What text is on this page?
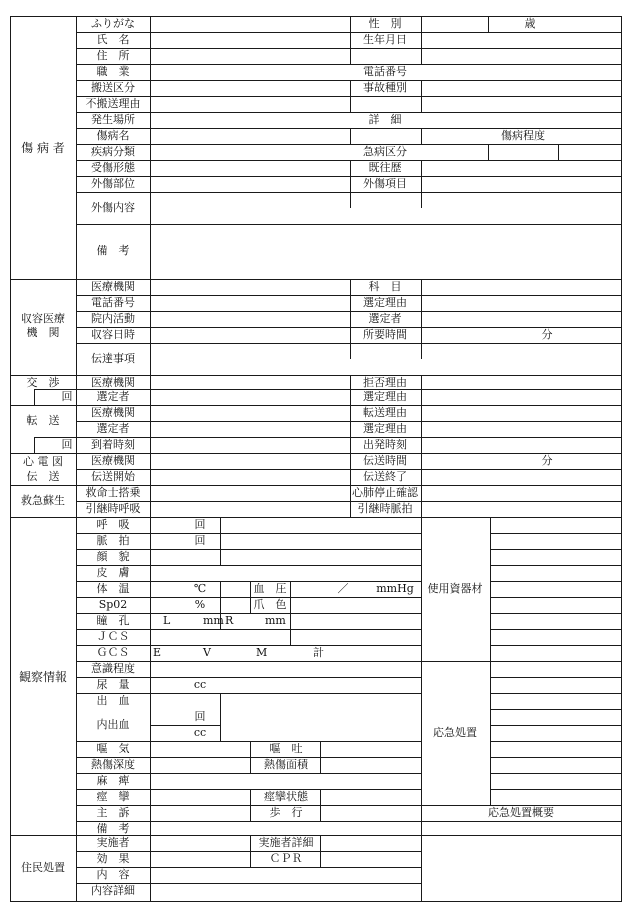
傷 病 者
ふりがな
氏　名
性　別	歳
生年月日
住　所
職　業	電話番号
搬送区分	事故種別
不搬送理由
発生場所	詳　細
傷病名	傷病程度
疾病分類	急病区分
受傷形態	既往歴
外傷部位	外傷項目
外傷内容
備　考
収容医療
機　関
医療機関	科　目
電話番号	選定理由
院内活動	選定者
収容日時	所要時間	分
伝達事項
交　渉
回
医療機関	拒否理由
選定者	選定理由
転　送
回
医療機関	転送理由
選定者	選定理由
到着時刻	出発時刻
心 電 図
伝　送
医療機関	伝送時間	分
伝送開始	伝送終了
救急蘇生
救命士搭乗	心肺停止確認
引継時呼吸	引継時脈拍
観察情報
呼　吸	回
脈　拍	回
顔　貌
皮　膚
体　温	℃	血　圧	／	mmHg
Sp02	%	爪　色
瞳　孔	L	mm R	mm
ＪＣＳ
ＧＣＳ E	V	M	計
意識程度
尿　量	cc
出　血
内出血
回
cc
嘔　気	嘔　吐
熱傷深度	熱傷面積
麻　痺
痙　攣	痙攣状態
主　訴	歩　行
備　考
使用資器材
応急処置
応急処置概要
住民処置
実施者	実施者詳細
効　果	ＣＰＲ
内　容
内容詳細
